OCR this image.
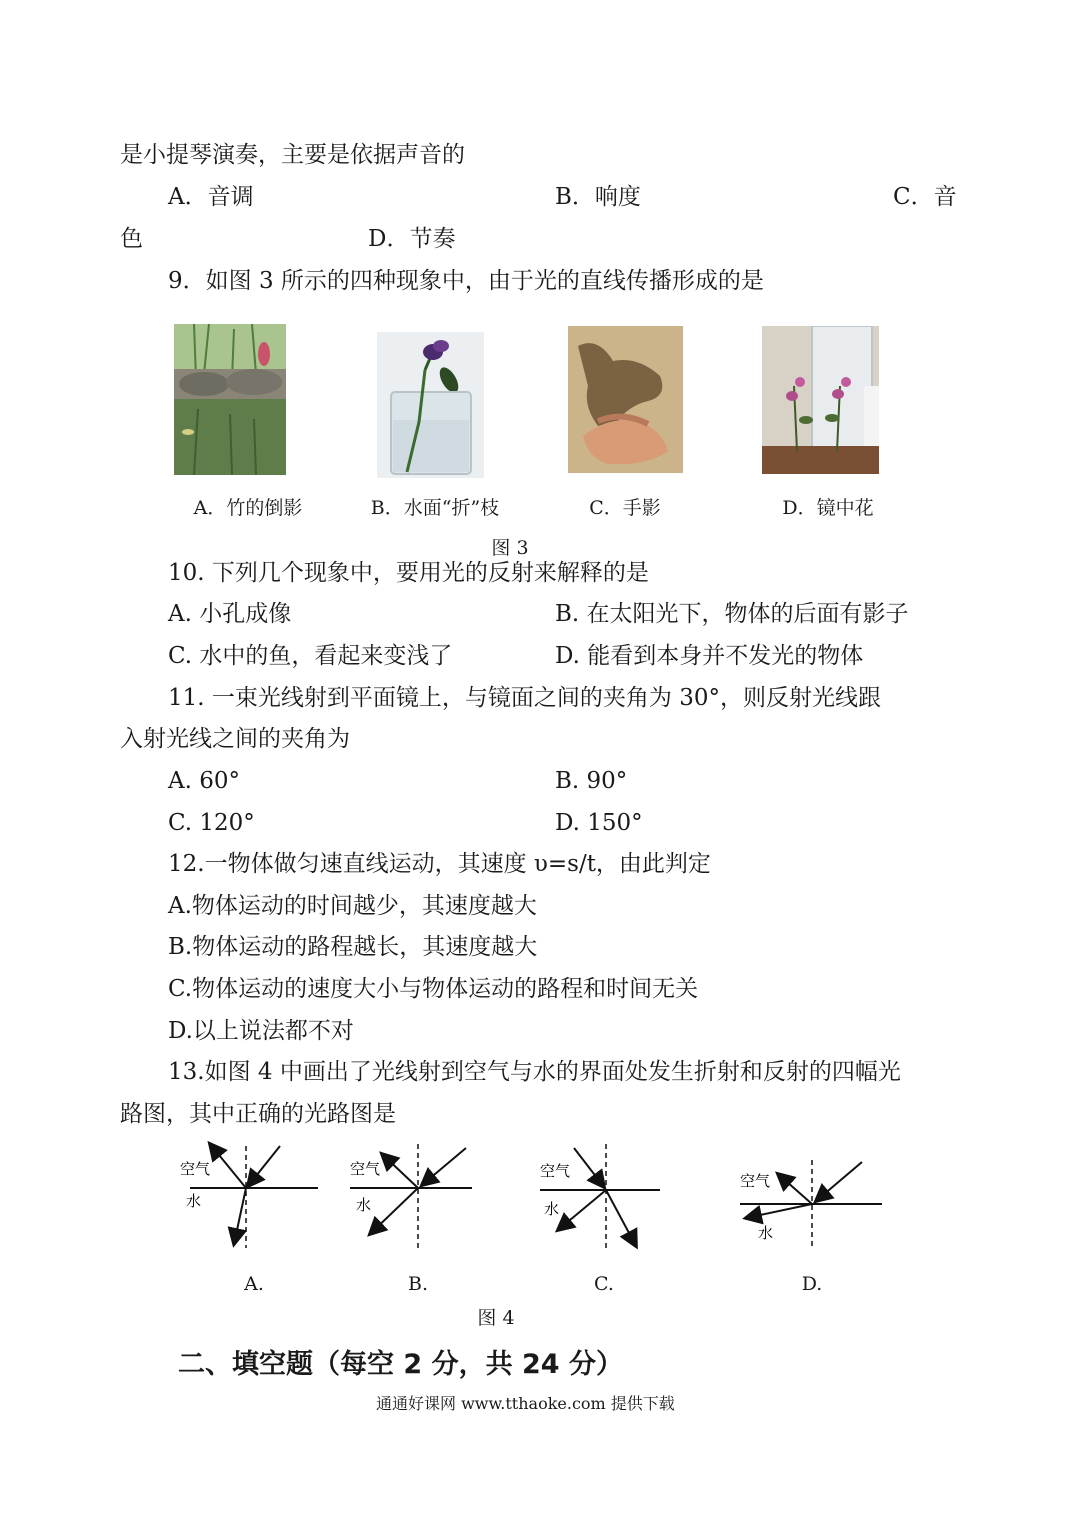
是小提琴演奏，主要是依据声音的
A．音调	B．响度	C．音
色	D．节奏
9．如图 3 所示的四种现象中，由于光的直线传播形成的是
A．竹的倒影	B．水面“折”枝	C．手影	D．镜中花
图 3
10. 下列几个现象中，要用光的反射来解释的是
A. 小孔成像	B. 在太阳光下，物体的后面有影子
C. 水中的鱼，看起来变浅了	D. 能看到本身并不发光的物体
11. 一束光线射到平面镜上，与镜面之间的夹角为 30°，则反射光线跟
入射光线之间的夹角为
A. 60°	B. 90°
C. 120°	D. 150°
12.一物体做匀速直线运动，其速度 υ=s/t，由此判定
A.物体运动的时间越少，其速度越大
B.物体运动的路程越长，其速度越大
C.物体运动的速度大小与物体运动的路程和时间无关
D.以上说法都不对
13.如图 4 中画出了光线射到空气与水的界面处发生折射和反射的四幅光
路图，其中正确的光路图是
空气
水
空气
水
空气
水
空气
水
A.	B.	C.	D.
图 4
二、填空题（每空 2 分，共 24 分）
通通好课网 www.tthaoke.com 提供下载
